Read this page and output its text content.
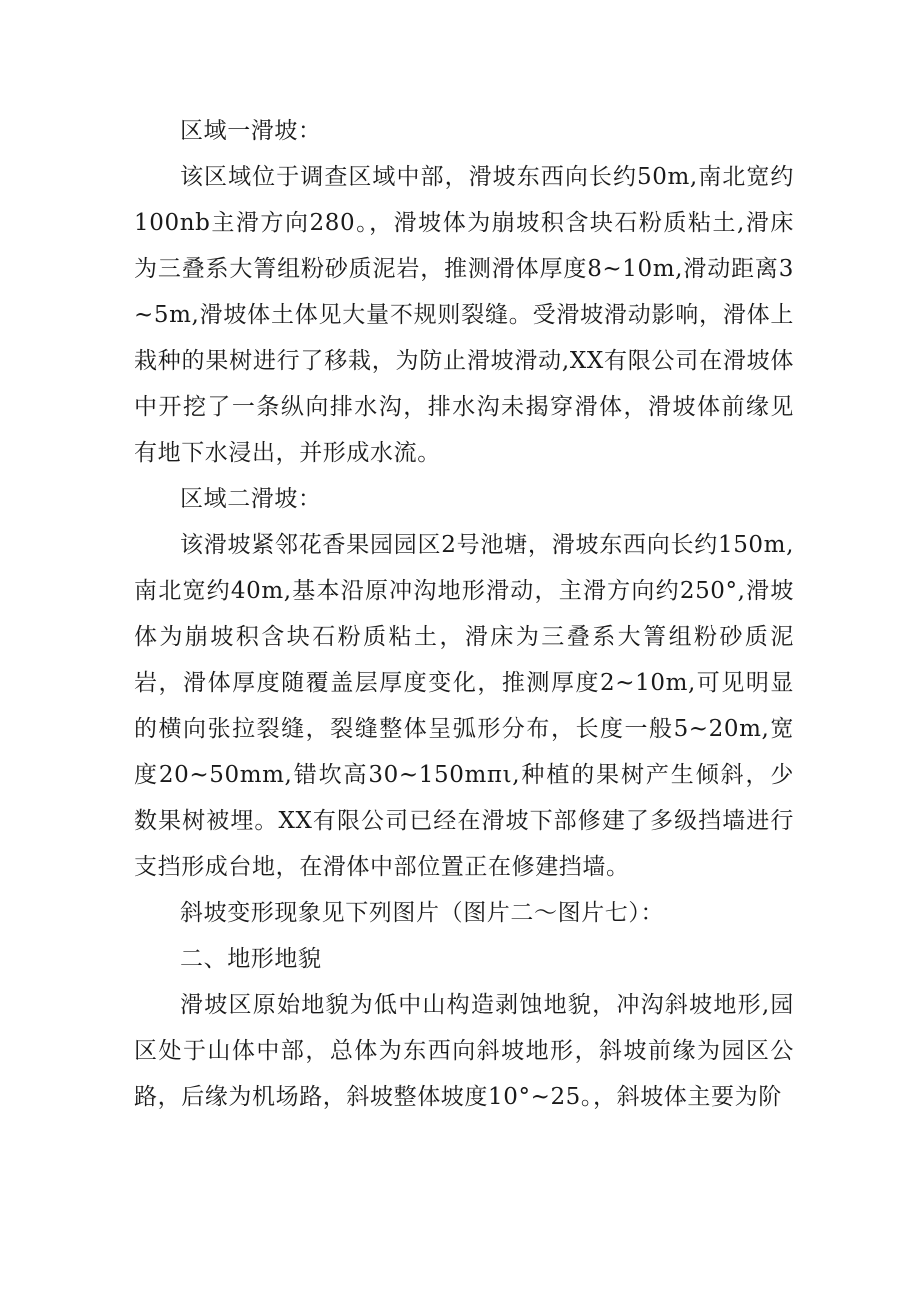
区域一滑坡：

该区域位于调查区域中部，滑坡东西向长约50m,南北宽约100nb主滑方向280。，滑坡体为崩坡积含块石粉质粘土,滑床为三叠系大箐组粉砂质泥岩，推测滑体厚度8~10m,滑动距离3~5m,滑坡体土体见大量不规则裂缝。受滑坡滑动影响，滑体上栽种的果树进行了移栽，为防止滑坡滑动,XX有限公司在滑坡体中开挖了一条纵向排水沟，排水沟未揭穿滑体，滑坡体前缘见有地下水浸出，并形成水流。

区域二滑坡：

该滑坡紧邻花香果园园区2号池塘，滑坡东西向长约150m,南北宽约40m,基本沿原冲沟地形滑动，主滑方向约250°,滑坡体为崩坡积含块石粉质粘土，滑床为三叠系大箐组粉砂质泥岩，滑体厚度随覆盖层厚度变化，推测厚度2~10m,可见明显的横向张拉裂缝，裂缝整体呈弧形分布，长度一般5~20m,宽度20~50mm,错坎高30~150mπι,种植的果树产生倾斜，少数果树被埋。XX有限公司已经在滑坡下部修建了多级挡墙进行支挡形成台地，在滑体中部位置正在修建挡墙。

斜坡变形现象见下列图片（图片二～图片七）：

二、地形地貌

滑坡区原始地貌为低中山构造剥蚀地貌，冲沟斜坡地形,园区处于山体中部，总体为东西向斜坡地形，斜坡前缘为园区公路，后缘为机场路，斜坡整体坡度10°~25。，斜坡体主要为阶
